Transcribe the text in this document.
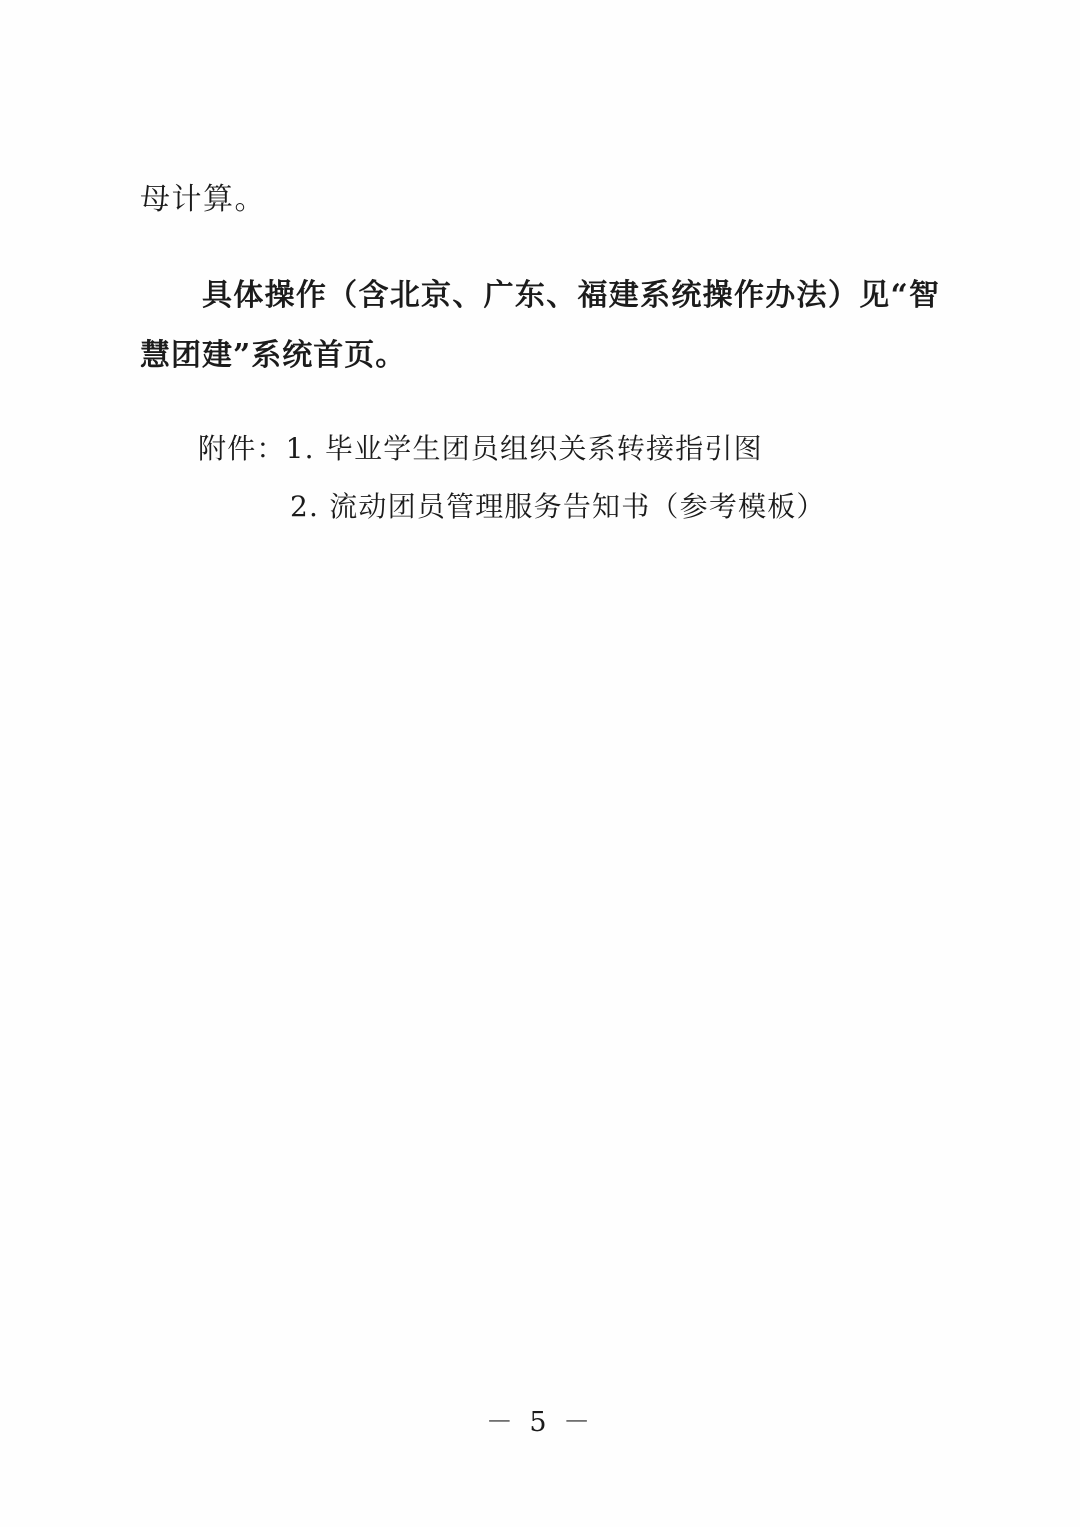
母计算。

具体操作（含北京、广东、福建系统操作办法）见“智慧团建”系统首页。

附件：1. 毕业学生团员组织关系转接指引图

2. 流动团员管理服务告知书（参考模板）

－ 5 －
